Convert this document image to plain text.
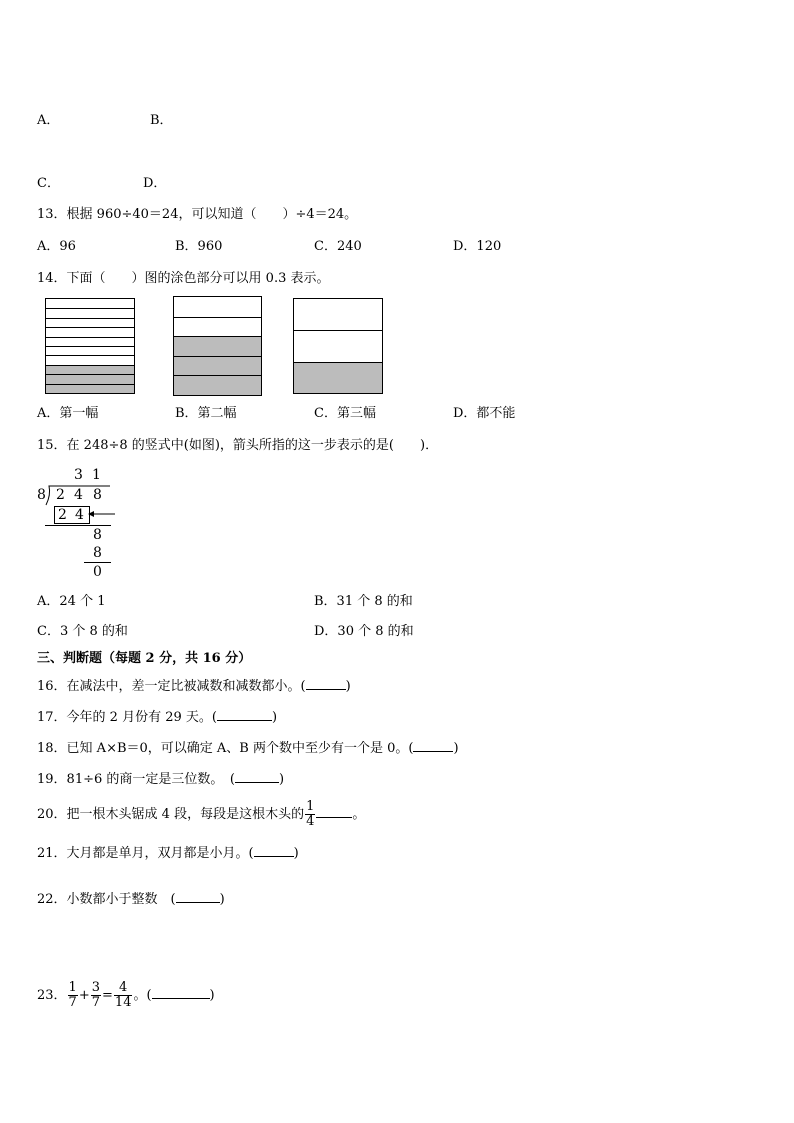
A．	B．
C．	D．
13．根据 960÷40＝24，可以知道（　　）÷4＝24。
A．96	B．960	C．240	D．120
14．下面（　　）图的涂色部分可以用 0.3 表示。
A．第一幅	B．第二幅	C．第三幅	D．都不能
15．在 248÷8 的竖式中(如图)，箭头所指的这一步表示的是(　　)．
3 1
8 2 4 8
2 4
8
8
0
A．24 个 1	B．31 个 8 的和
C．3 个 8 的和	D．30 个 8 的和
三、判断题（每题 2 分，共 16 分）
16．在减法中，差一定比被减数和减数都小。(	)
17．今年的 2 月份有 29 天。(	)
18．已知 A×B＝0，可以确定 A、B 两个数中至少有一个是 0。(	)
19．81÷6 的商一定是三位数。　(	)
20．把一根木头锯成 4 段，每段是这根木头的 $\frac{1}{4}$	。
21．大月都是单月，双月都是小月。(	)
22．小数都小于整数　(	)
23． $\frac{1}{7} + \frac{3}{7} = \frac{4}{14}$ 。(	)
